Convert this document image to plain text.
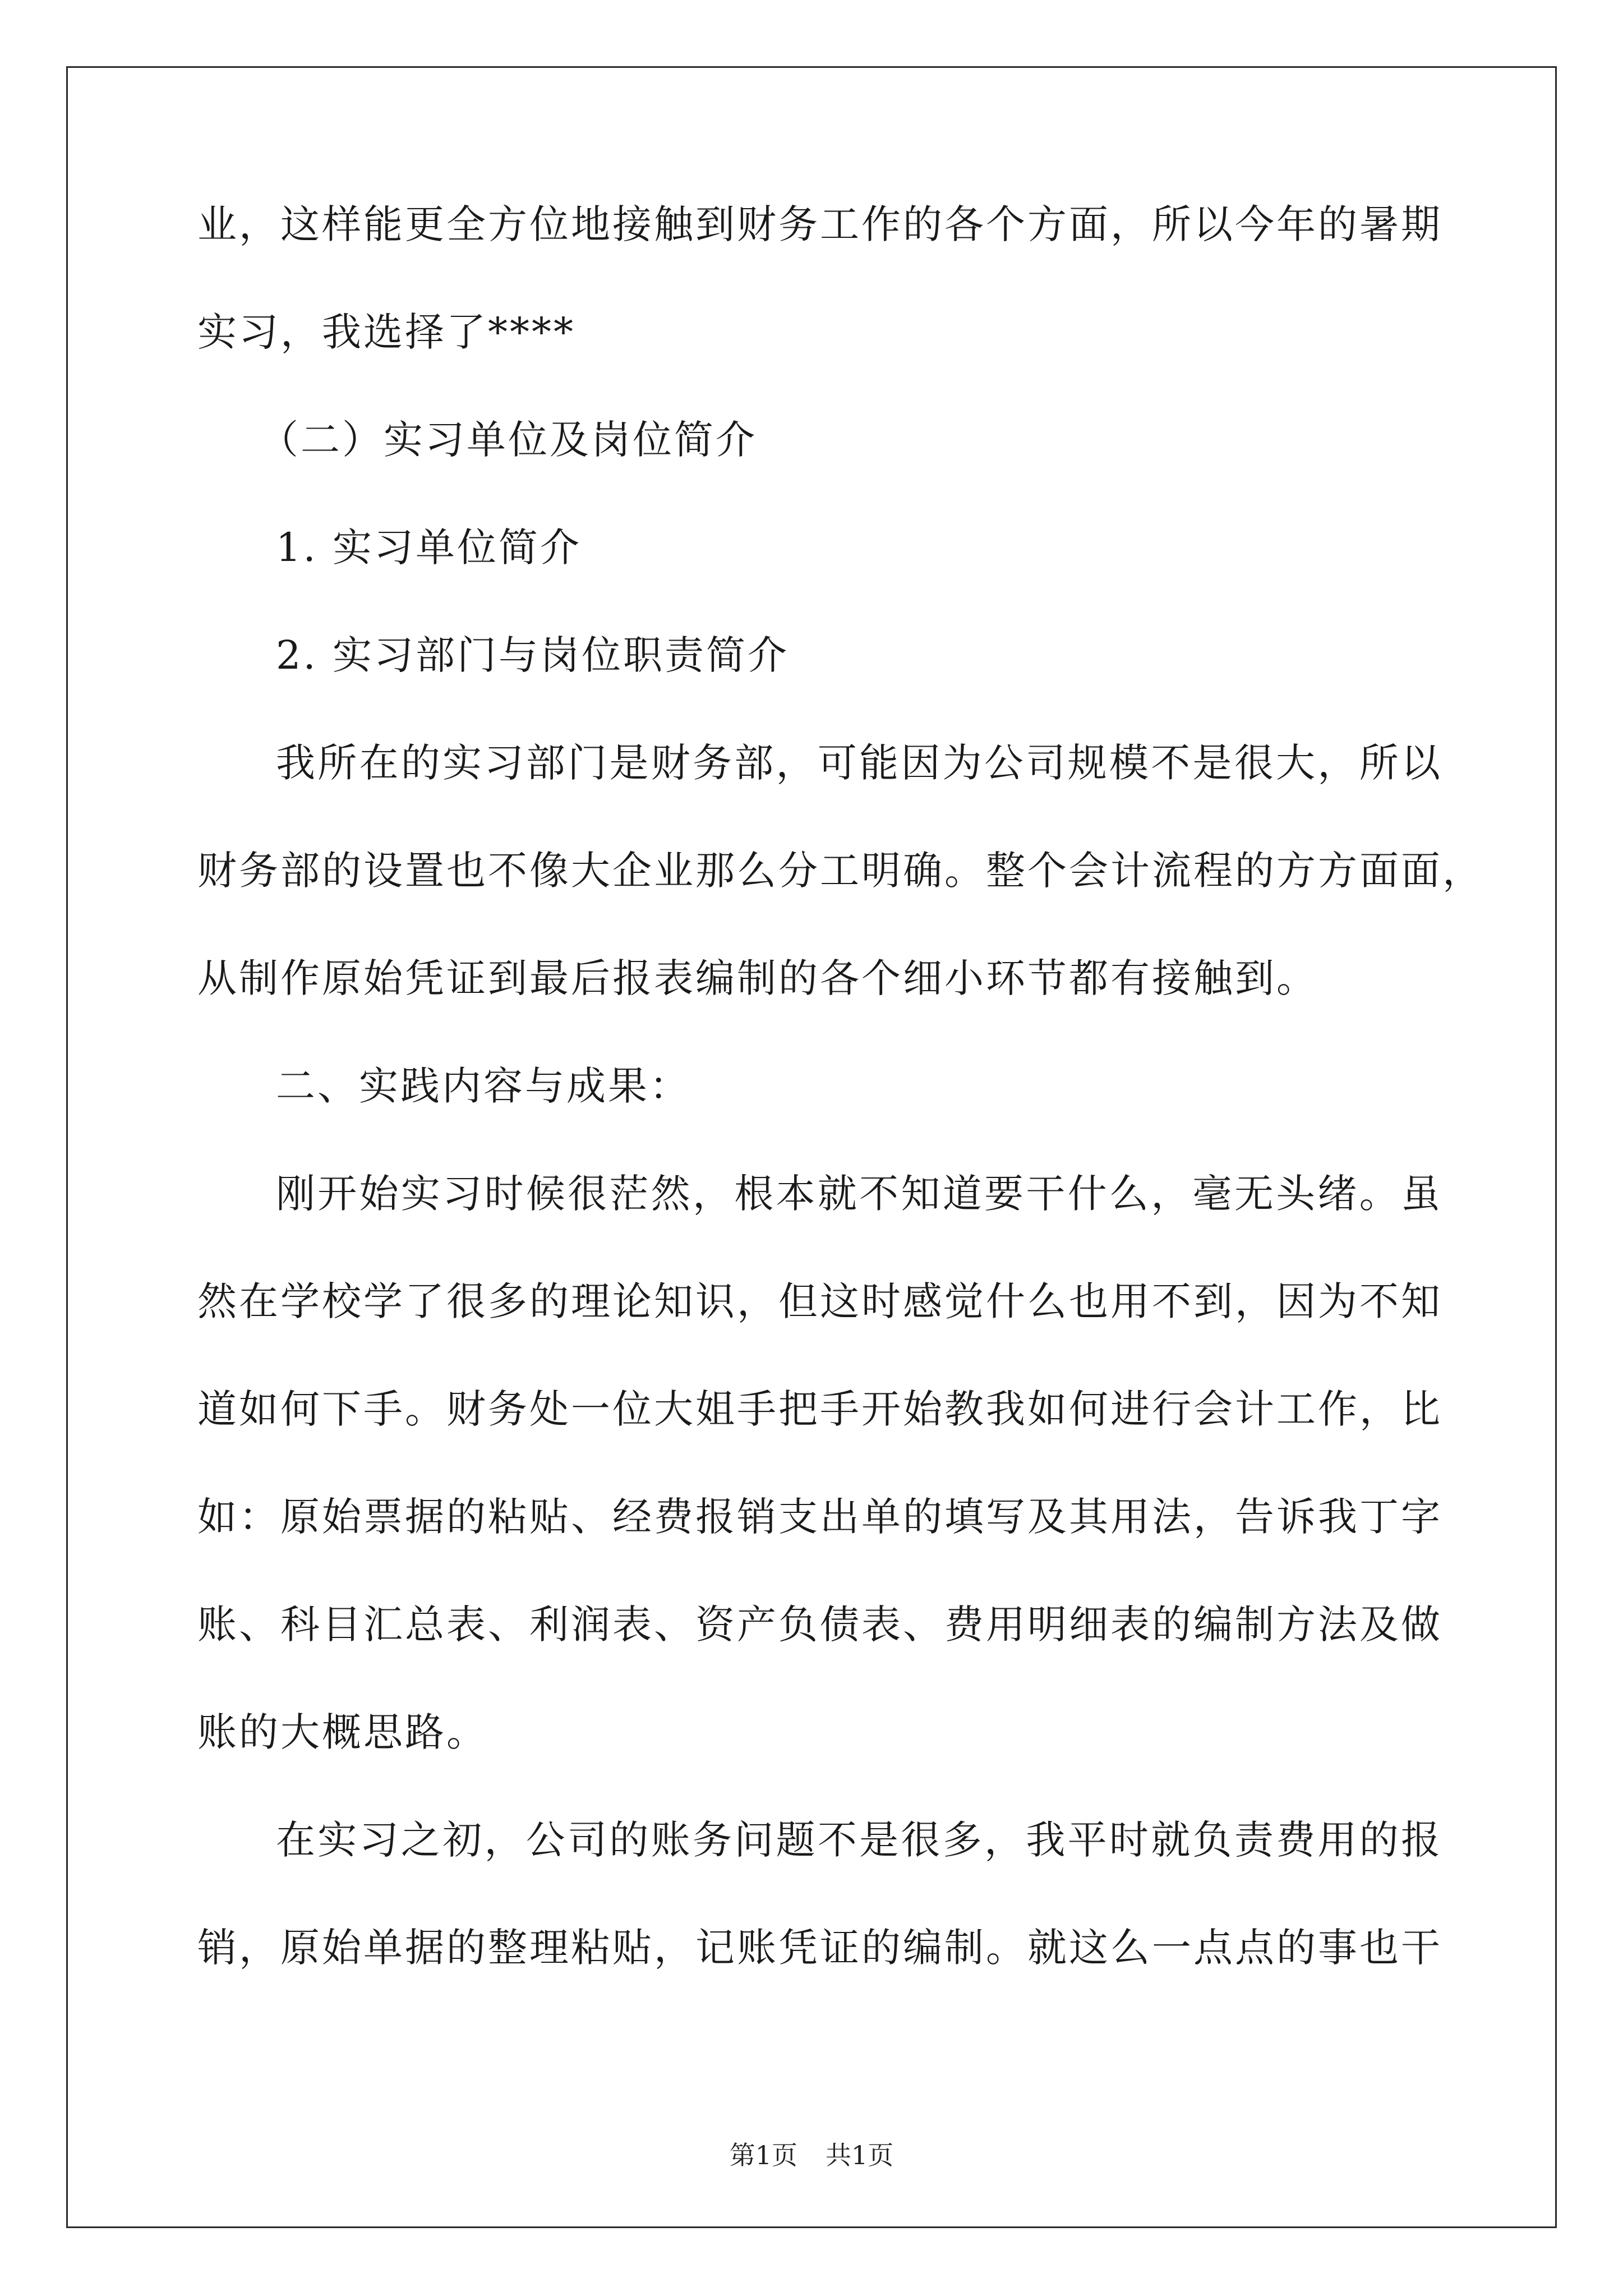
业，这样能更全方位地接触到财务工作的各个方面，所以今年的暑期
实习，我选择了****
（二）实习单位及岗位简介
1. 实习单位简介
2. 实习部门与岗位职责简介
我所在的实习部门是财务部，可能因为公司规模不是很大，所以
财务部的设置也不像大企业那么分工明确。整个会计流程的方方面面，
从制作原始凭证到最后报表编制的各个细小环节都有接触到。
二、实践内容与成果：
刚开始实习时候很茫然，根本就不知道要干什么，毫无头绪。虽
然在学校学了很多的理论知识，但这时感觉什么也用不到，因为不知
道如何下手。财务处一位大姐手把手开始教我如何进行会计工作，比
如：原始票据的粘贴、经费报销支出单的填写及其用法，告诉我丁字
账、科目汇总表、利润表、资产负债表、费用明细表的编制方法及做
账的大概思路。
在实习之初，公司的账务问题不是很多，我平时就负责费用的报
销，原始单据的整理粘贴，记账凭证的编制。就这么一点点的事也干
第1页 共1页
